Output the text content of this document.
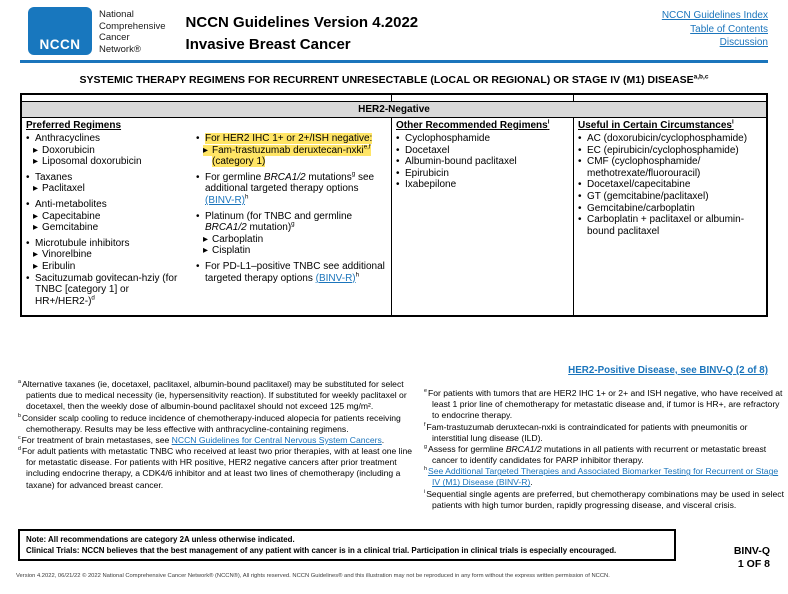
NCCN
National
Comprehensive
Cancer
Network®
NCCN Guidelines Version 4.2022
Invasive Breast Cancer
NCCN Guidelines Index
Table of Contents
Discussion
SYSTEMIC THERAPY REGIMENS FOR RECURRENT UNRESECTABLE (LOCAL OR REGIONAL) OR STAGE IV (M1) DISEASE$^{a,b,c}$
HER2-Negative
Preferred Regimens
• Anthracyclines
▸ Doxorubicin
▸ Liposomal doxorubicin
• Taxanes
▸ Paclitaxel
• Anti-metabolites
▸ Capecitabine
▸ Gemcitabine
• Microtubule inhibitors
▸ Vinorelbine
▸ Eribulin
• Sacituzumab govitecan-hziy (for TNBC [category 1] or HR+/HER2-)$^d$
• For HER2 IHC 1+ or 2+/ISH negative:
▸ Fam-trastuzumab deruxtecan-nxki$^{e,f}$
(category 1)
• For germline BRCA1/2 mutations$^g$ see additional targeted therapy options (BINV-R)$^h$
• Platinum (for TNBC and germline BRCA1/2 mutation)$^g$
▸ Carboplatin
▸ Cisplatin
• For PD-L1–positive TNBC see additional targeted therapy options (BINV-R)$^h$
Other Recommended Regimens$^i$
• Cyclophosphamide
• Docetaxel
• Albumin-bound paclitaxel
• Epirubicin
• Ixabepilone
Useful in Certain Circumstances$^i$
• AC (doxorubicin/cyclophosphamide)
• EC (epirubicin/cyclophosphamide)
• CMF (cyclophosphamide/
methotrexate/fluorouracil)
• Docetaxel/capecitabine
• GT (gemcitabine/paclitaxel)
• Gemcitabine/carboplatin
• Carboplatin + paclitaxel or albumin-bound paclitaxel
HER2-Positive Disease, see BINV-Q (2 of 8)
$^a$Alternative taxanes (ie, docetaxel, paclitaxel, albumin-bound paclitaxel) may be substituted for select patients due to medical necessity (ie, hypersensitivity reaction). If substituted for weekly paclitaxel or docetaxel, then the weekly dose of albumin-bound paclitaxel should not exceed 125 mg/m².
$^b$Consider scalp cooling to reduce incidence of chemotherapy-induced alopecia for patients receiving chemotherapy. Results may be less effective with anthracycline-containing regimens.
$^c$For treatment of brain metastases, see NCCN Guidelines for Central Nervous System Cancers.
$^d$For adult patients with metastatic TNBC who received at least two prior therapies, with at least one line for metastatic disease. For patients with HR positive, HER2 negative cancers after prior treatment including endocrine therapy, a CDK4/6 inhibitor and at least two lines of chemotherapy (including a taxane) for advanced breast cancer.
$^e$For patients with tumors that are HER2 IHC 1+ or 2+ and ISH negative, who have received at least 1 prior line of chemotherapy for metastatic disease and, if tumor is HR+, are refractory to endocrine therapy.
$^f$Fam-trastuzumab deruxtecan-nxki is contraindicated for patients with pneumonitis or interstitial lung disease (ILD).
$^g$Assess for germline BRCA1/2 mutations in all patients with recurrent or metastatic breast cancer to identify candidates for PARP inhibitor therapy.
$^h$See Additional Targeted Therapies and Associated Biomarker Testing for Recurrent or Stage IV (M1) Disease (BINV-R).
$^i$Sequential single agents are preferred, but chemotherapy combinations may be used in select patients with high tumor burden, rapidly progressing disease, and visceral crisis.
Note: All recommendations are category 2A unless otherwise indicated.
Clinical Trials: NCCN believes that the best management of any patient with cancer is in a clinical trial. Participation in clinical trials is especially encouraged.	BINV-Q
1 OF 8
Version 4.2022, 06/21/22 © 2022 National Comprehensive Cancer Network® (NCCN®), All rights reserved. NCCN Guidelines® and this illustration may not be reproduced in any form without the express written permission of NCCN.
